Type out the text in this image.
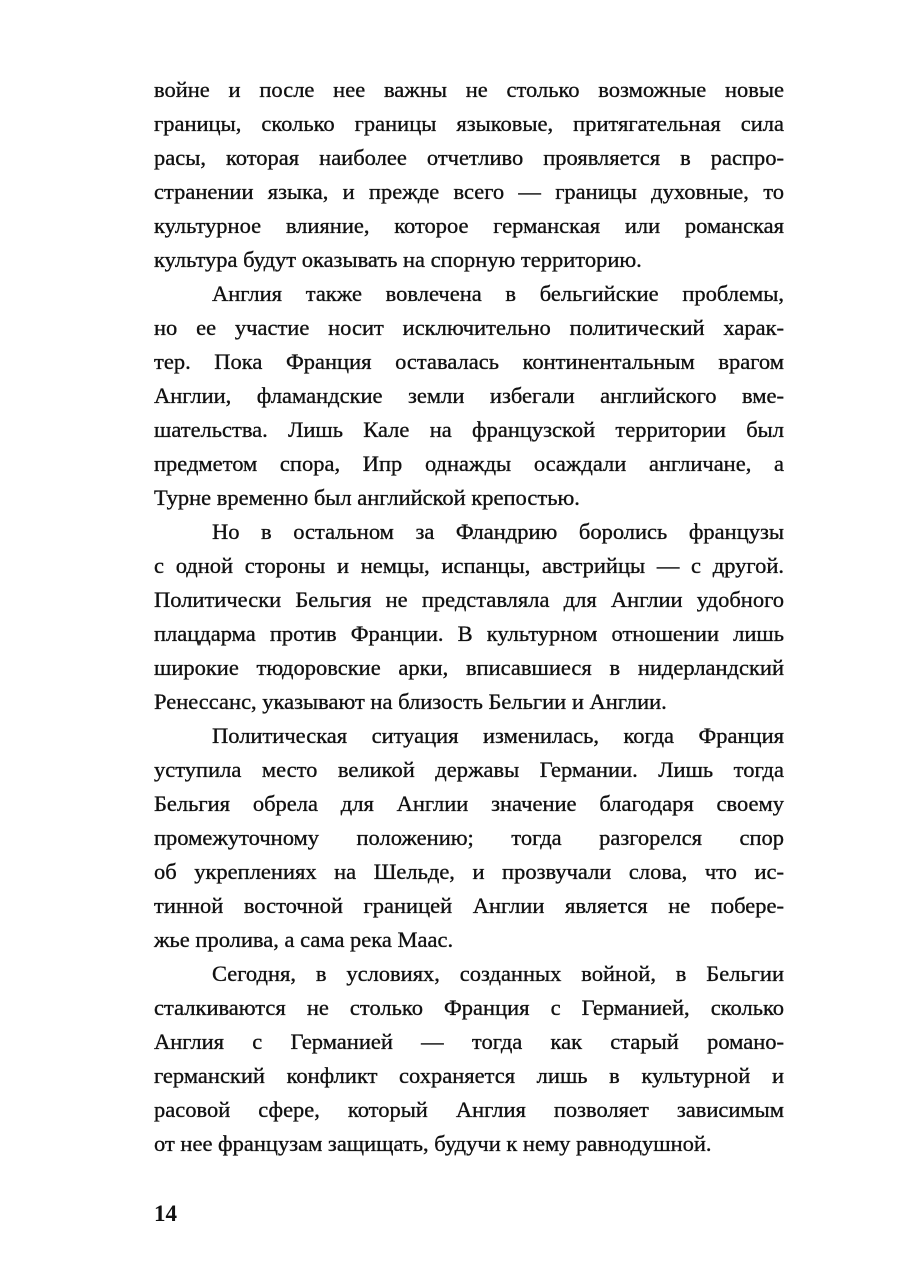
войне и после нее важны не столько возможные новые
границы, сколько границы языковые, притягательная сила
расы, которая наиболее отчетливо проявляется в распро-
странении языка, и прежде всего — границы духовные, то
культурное влияние, которое германская или романская
культура будут оказывать на спорную территорию.
Англия также вовлечена в бельгийские проблемы,
но ее участие носит исключительно политический харак-
тер. Пока Франция оставалась континентальным врагом
Англии, фламандские земли избегали английского вме-
шательства. Лишь Кале на французской территории был
предметом спора, Ипр однажды осаждали англичане, а
Турне временно был английской крепостью.
Но в остальном за Фландрию боролись французы
с одной стороны и немцы, испанцы, австрийцы — с другой.
Политически Бельгия не представляла для Англии удобного
плацдарма против Франции. В культурном отношении лишь
широкие тюдоровские арки, вписавшиеся в нидерландский
Ренессанс, указывают на близость Бельгии и Англии.
Политическая ситуация изменилась, когда Франция
уступила место великой державы Германии. Лишь тогда
Бельгия обрела для Англии значение благодаря своему
промежуточному положению; тогда разгорелся спор
об укреплениях на Шельде, и прозвучали слова, что ис-
тинной восточной границей Англии является не побере-
жье пролива, а сама река Маас.
Сегодня, в условиях, созданных войной, в Бельгии
сталкиваются не столько Франция с Германией, сколько
Англия с Германией — тогда как старый романо-
германский конфликт сохраняется лишь в культурной и
расовой сфере, который Англия позволяет зависимым
от нее французам защищать, будучи к нему равнодушной.
14
